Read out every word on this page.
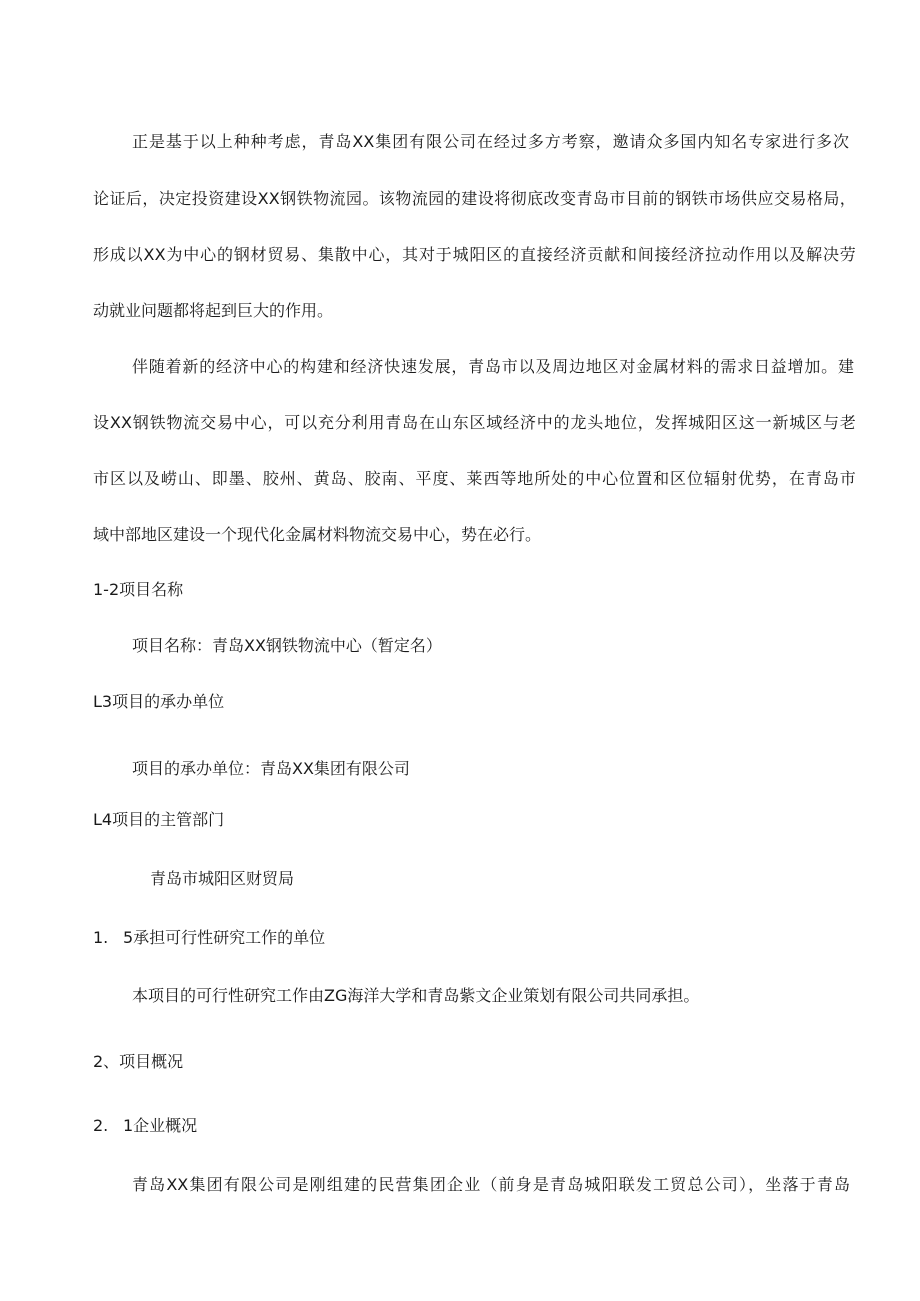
正是基于以上种种考虑，青岛XX集团有限公司在经过多方考察，邀请众多国内知名专家进行多次

论证后，决定投资建设XX钢铁物流园。该物流园的建设将彻底改变青岛市目前的钢铁市场供应交易格局，

形成以XX为中心的钢材贸易、集散中心，其对于城阳区的直接经济贡献和间接经济拉动作用以及解决劳

动就业问题都将起到巨大的作用。

伴随着新的经济中心的构建和经济快速发展，青岛市以及周边地区对金属材料的需求日益增加。建

设XX钢铁物流交易中心，可以充分利用青岛在山东区域经济中的龙头地位，发挥城阳区这一新城区与老

市区以及崂山、即墨、胶州、黄岛、胶南、平度、莱西等地所处的中心位置和区位辐射优势，在青岛市

域中部地区建设一个现代化金属材料物流交易中心，势在必行。

1-2项目名称

项目名称：青岛XX钢铁物流中心（暂定名）

L3项目的承办单位

项目的承办单位：青岛XX集团有限公司

L4项目的主管部门

青岛市城阳区财贸局

1. 5承担可行性研究工作的单位

本项目的可行性研究工作由ZG海洋大学和青岛紫文企业策划有限公司共同承担。

2、项目概况

2. 1企业概况

青岛XX集团有限公司是刚组建的民营集团企业（前身是青岛城阳联发工贸总公司），坐落于青岛
